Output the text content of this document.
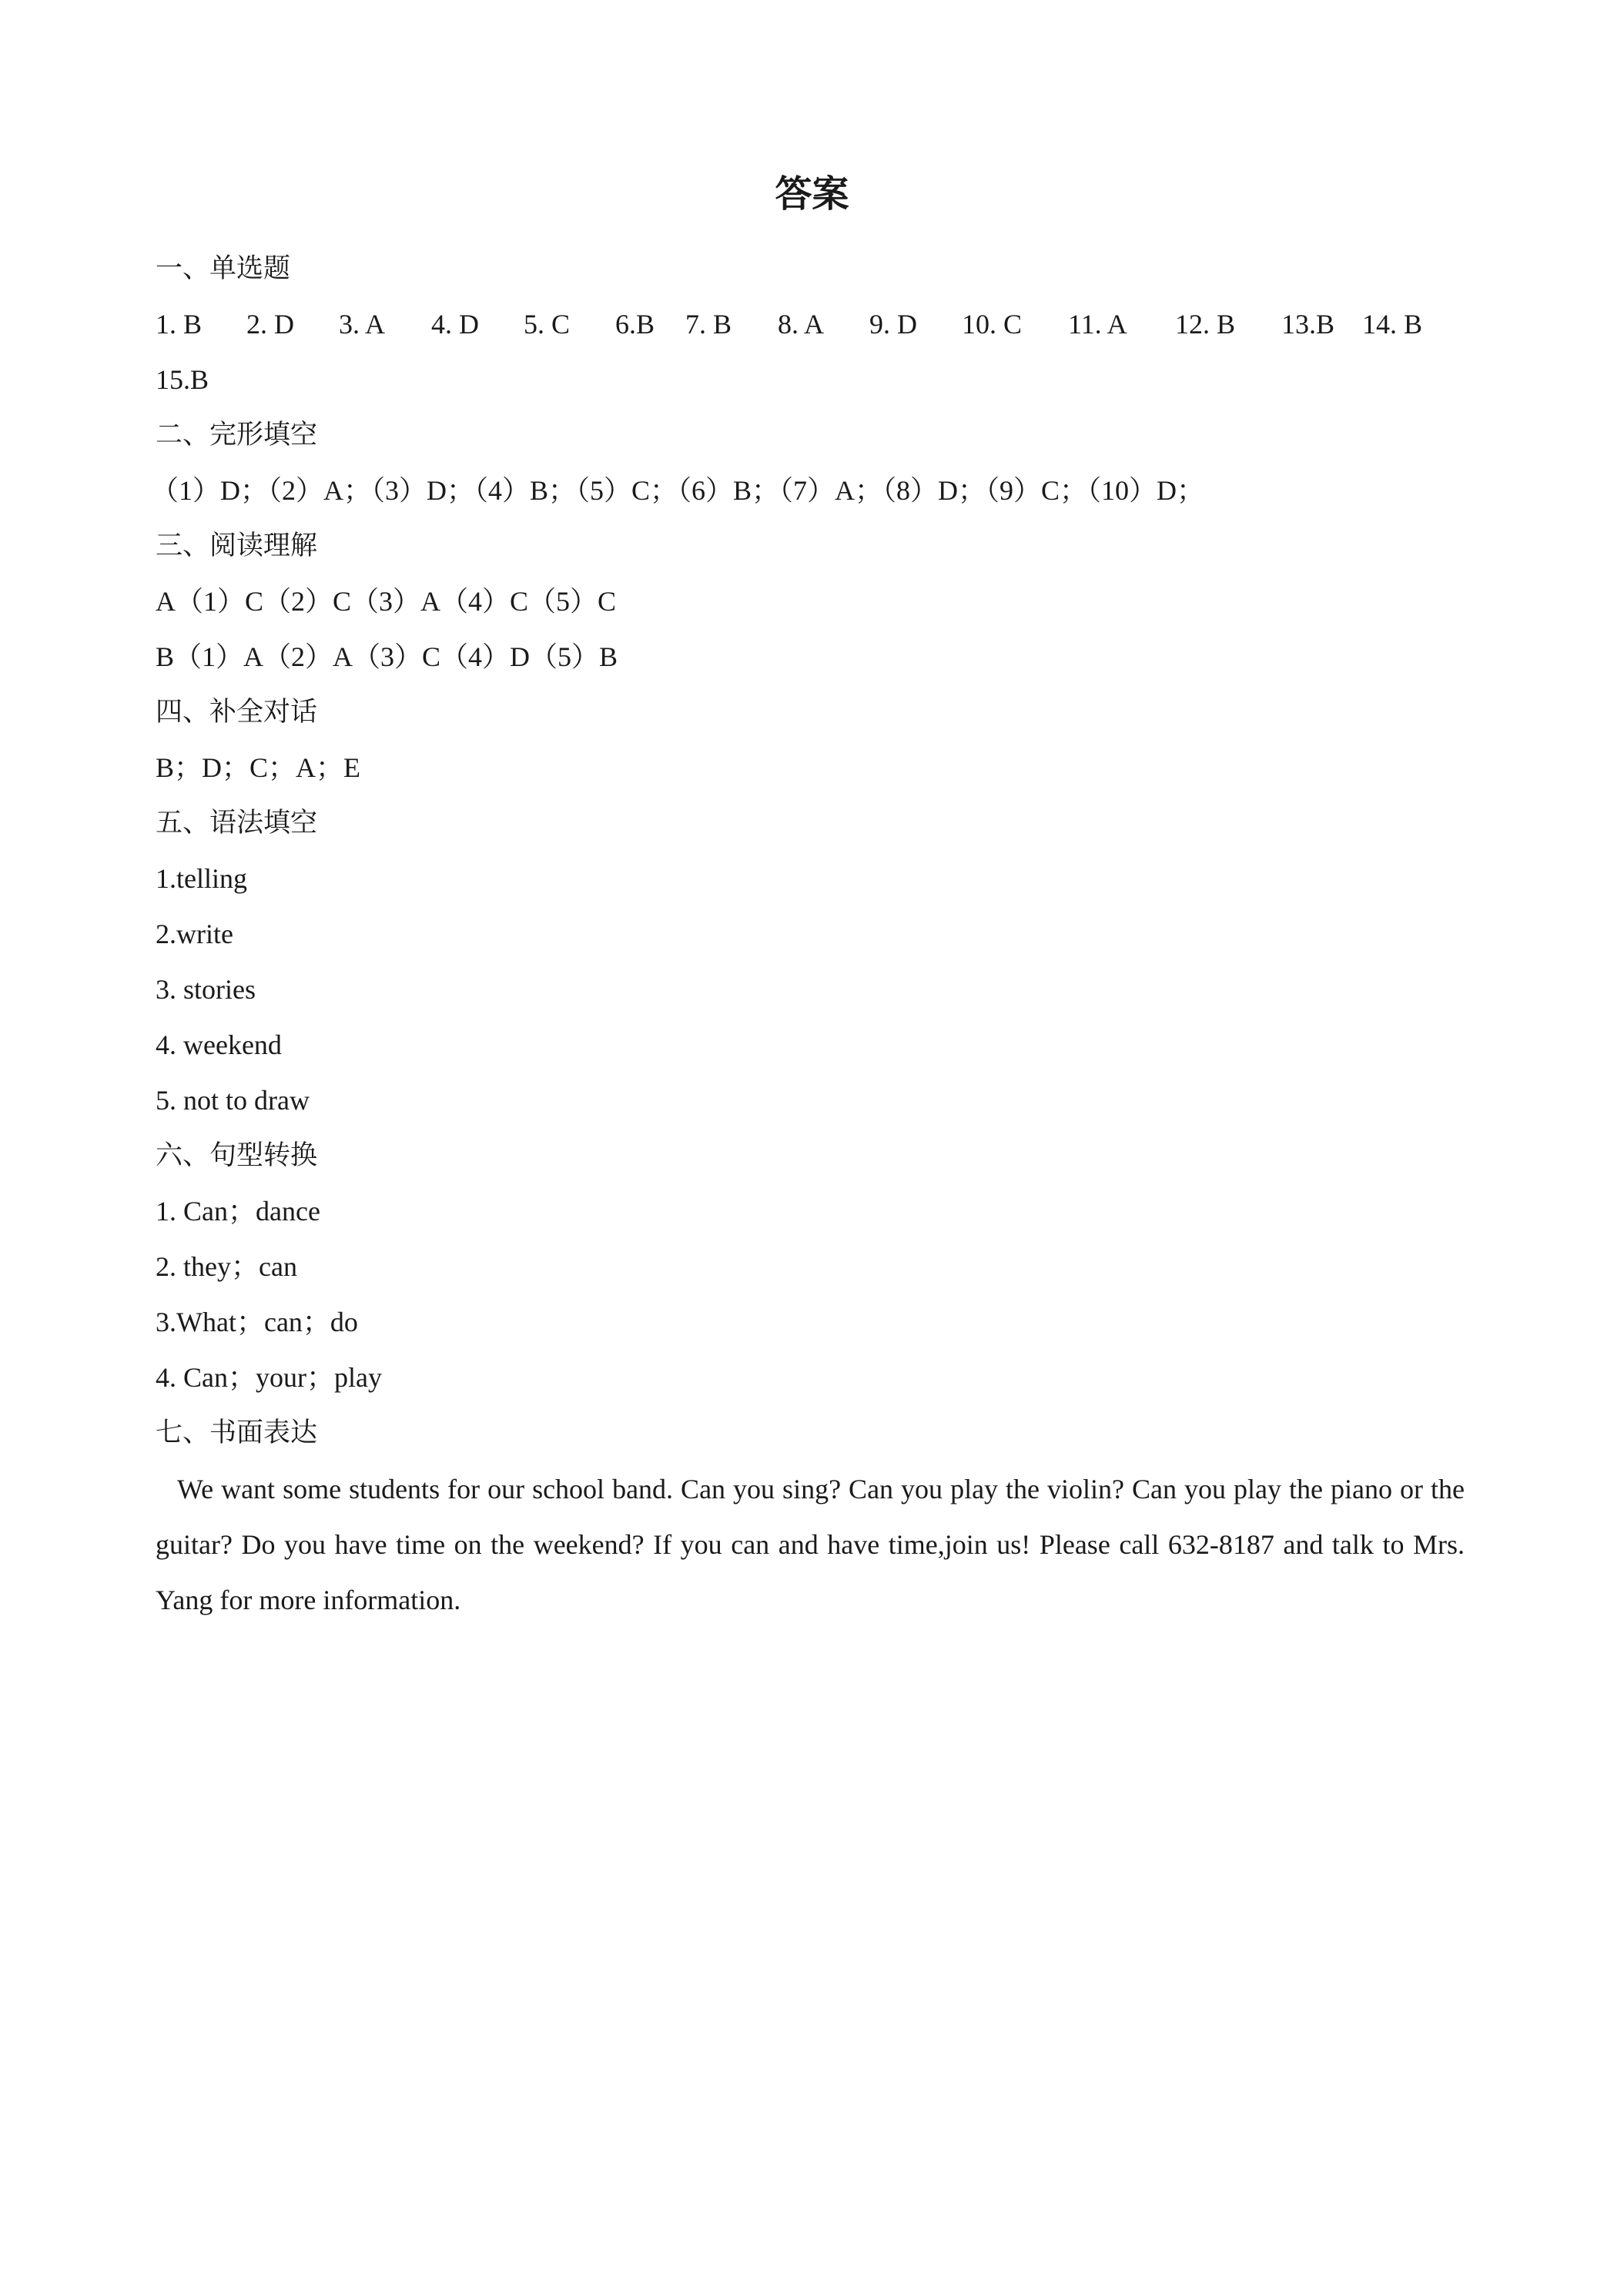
答案
一、单选题
1. B 2. D 3. A 4. D 5. C 6.B 7. B 8. A 9. D 10. C 11. A 12. B 13.B 14. B
15.B
二、完形填空
（1）D；（2）A；（3）D；（4）B；（5）C；（6）B；（7）A；（8）D；（9）C；（10）D；
三、阅读理解
A（1）C（2）C（3）A（4）C（5）C
B（1）A（2）A（3）C（4）D（5）B
四、补全对话
B；D；C；A；E
五、语法填空
1.telling
2.write
3. stories
4. weekend
5. not to draw
六、句型转换
1. Can；dance
2. they；can
3.What；can；do
4. Can；your；play
七、书面表达
We want some students for our school band. Can you sing? Can you play the violin? Can you play the piano or the guitar? Do you have time on the weekend? If you can and have time,join us! Please call 632-8187 and talk to Mrs. Yang for more information.
